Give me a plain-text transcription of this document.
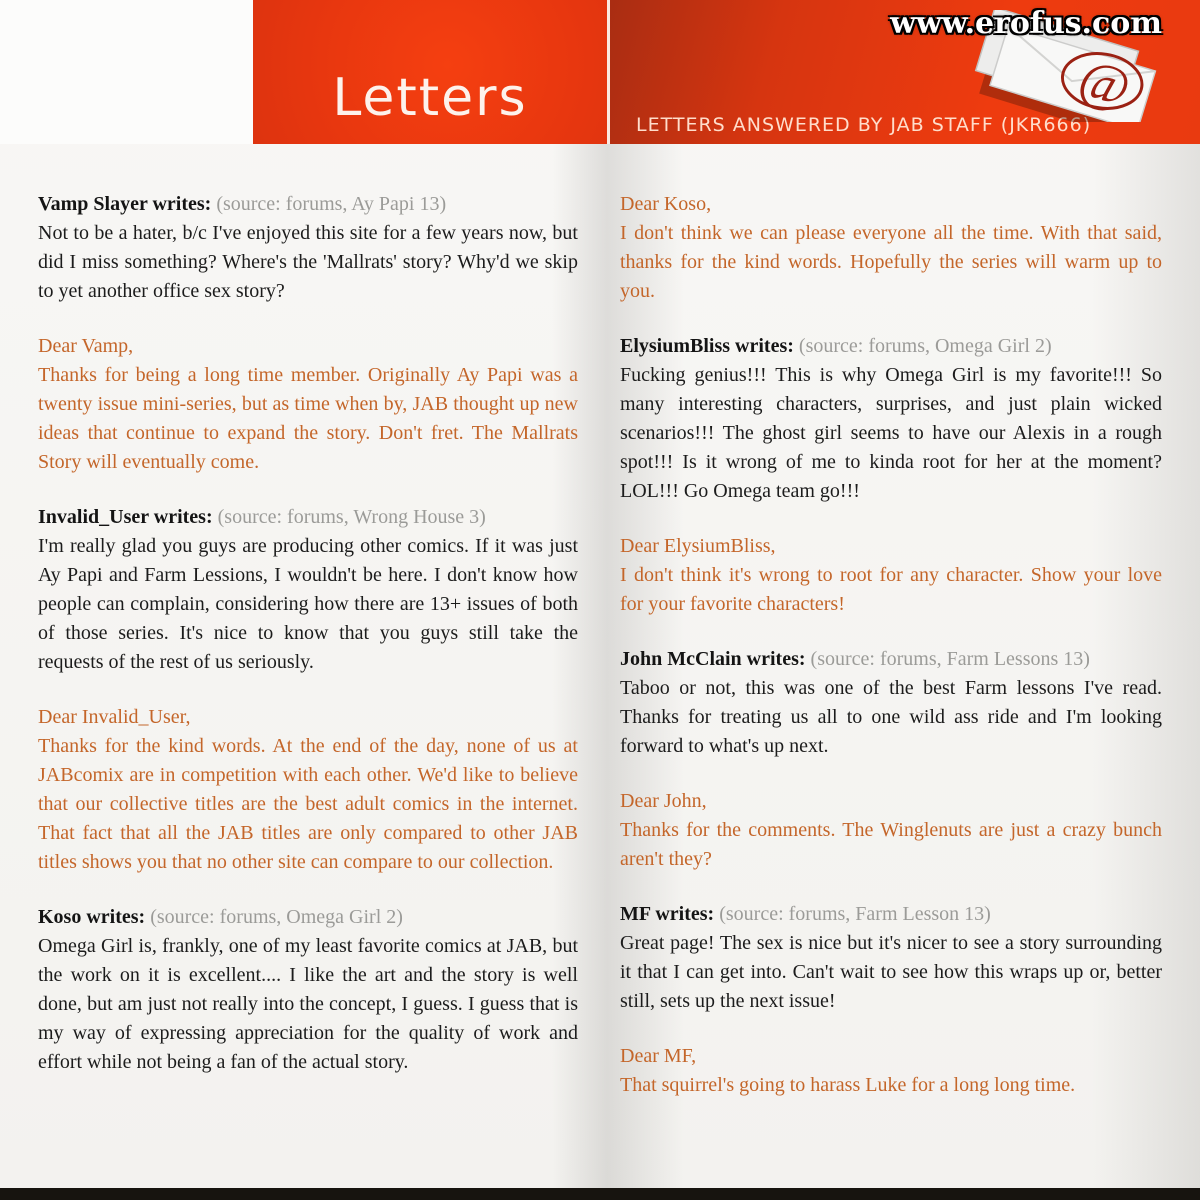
Letters	LETTERS ANSWERED BY JAB STAFF (JKR666)
@
www.erofus.com
Vamp Slayer writes: (source: forums, Ay Papi 13)
Not to be a hater, b/c I've enjoyed this site for a few years now, but did I miss something? Where's the 'Mallrats' story? Why'd we skip to yet another office sex story?
Dear Vamp,
Thanks for being a long time member. Originally Ay Papi was a twenty issue mini-series, but as time when by, JAB thought up new ideas that continue to expand the story. Don't fret. The Mallrats Story will eventually come.
Invalid_User writes: (source: forums, Wrong House 3)
I'm really glad you guys are producing other comics. If it was just Ay Papi and Farm Lessions, I wouldn't be here. I don't know how people can complain, considering how there are 13+ issues of both of those series. It's nice to know that you guys still take the requests of the rest of us seriously.
Dear Invalid_User,
Thanks for the kind words. At the end of the day, none of us at JABcomix are in competition with each other. We'd like to believe that our collective titles are the best adult comics in the internet. That fact that all the JAB titles are only compared to other JAB titles shows you that no other site can compare to our collection.
Koso writes: (source: forums, Omega Girl 2)
Omega Girl is, frankly, one of my least favorite comics at JAB, but the work on it is excellent.... I like the art and the story is well done, but am just not really into the concept, I guess. I guess that is my way of expressing appreciation for the quality of work and effort while not being a fan of the actual story.
Dear Koso,
I don't think we can please everyone all the time. With that said, thanks for the kind words. Hopefully the series will warm up to you.
ElysiumBliss writes: (source: forums, Omega Girl 2)
Fucking genius!!! This is why Omega Girl is my favorite!!! So many interesting characters, surprises, and just plain wicked scenarios!!! The ghost girl seems to have our Alexis in a rough spot!!! Is it wrong of me to kinda root for her at the moment? LOL!!! Go Omega team go!!!
Dear ElysiumBliss,
I don't think it's wrong to root for any character. Show your love for your favorite characters!
John McClain writes: (source: forums, Farm Lessons 13)
Taboo or not, this was one of the best Farm lessons I've read. Thanks for treating us all to one wild ass ride and I'm looking forward to what's up next.
Dear John,
Thanks for the comments. The Winglenuts are just a crazy bunch aren't they?
MF writes: (source: forums, Farm Lesson 13)
Great page! The sex is nice but it's nicer to see a story surrounding it that I can get into. Can't wait to see how this wraps up or, better still, sets up the next issue!
Dear MF,
That squirrel's going to harass Luke for a long long time.
